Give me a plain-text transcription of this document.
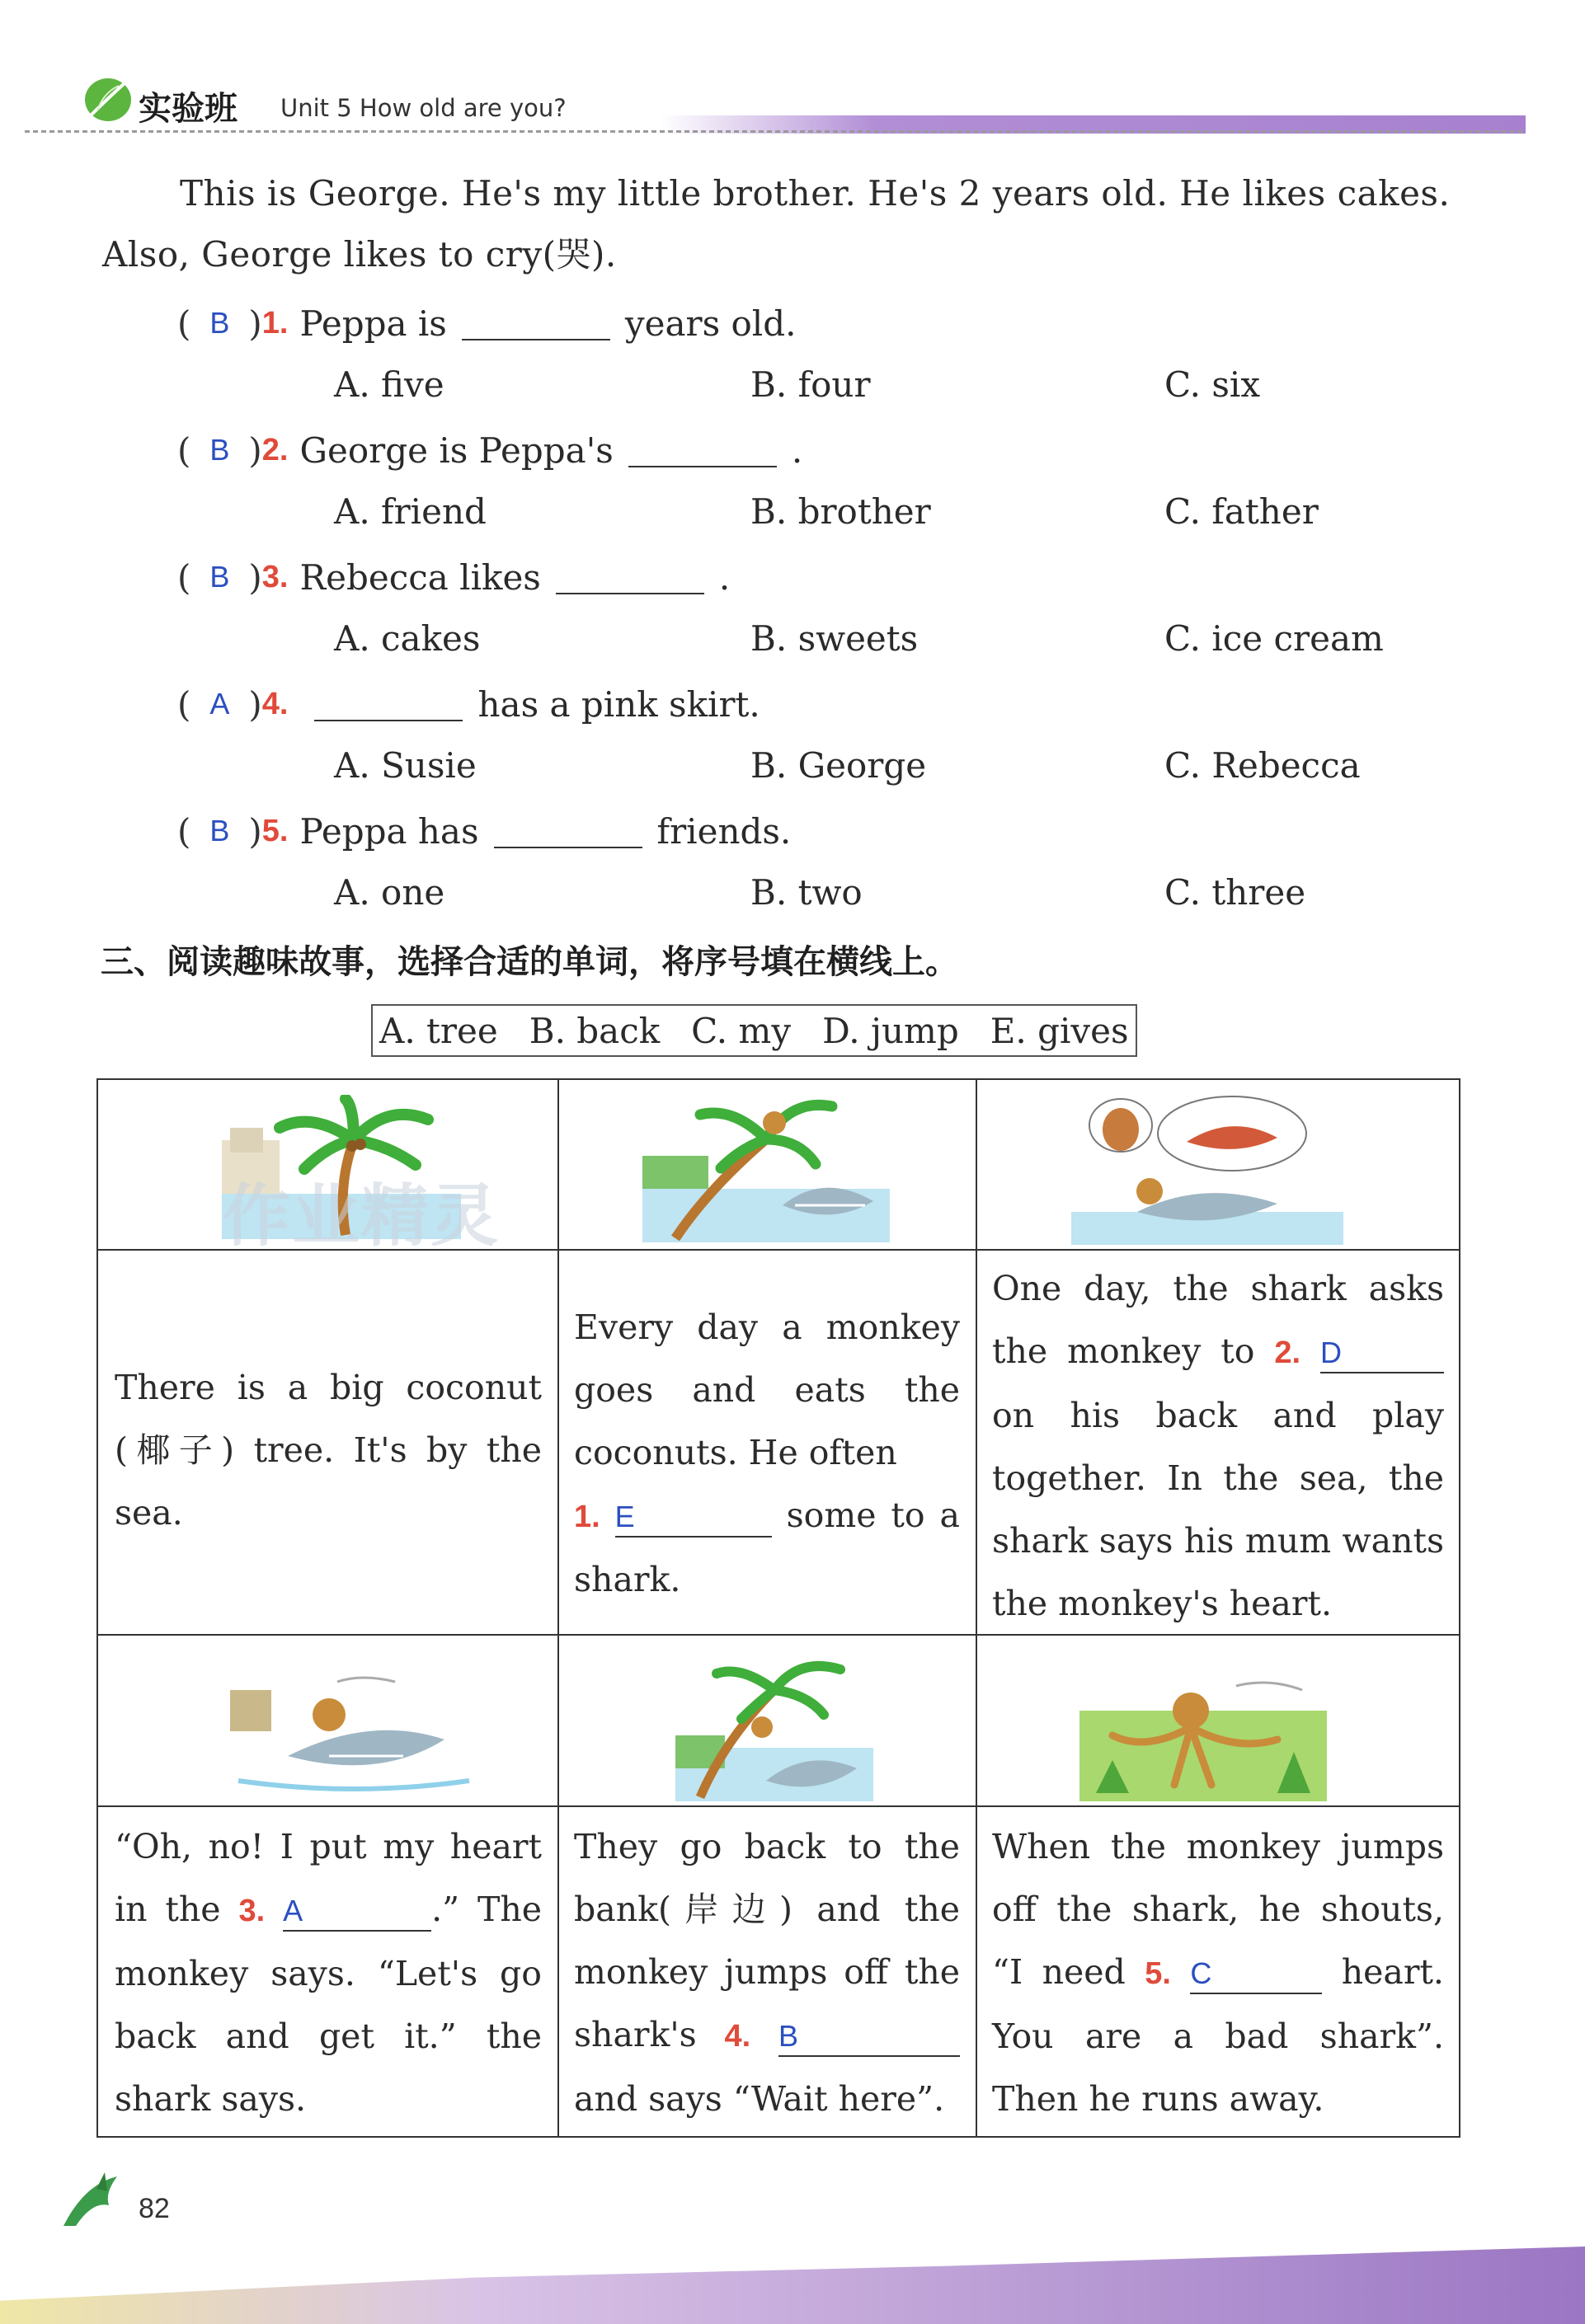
实验班 Unit 5 How old are you?
This is George. He's my little brother. He's 2 years old. He likes cakes.
Also, George likes to cry(哭).
( B ) 1. Peppa is	years old.
A. five	B. four	C. six
( B ) 2. George is Peppa's	.
A. friend	B. brother	C. father
( B ) 3. Rebecca likes	.
A. cakes	B. sweets	C. ice cream
( A ) 4.	has a pink skirt.
A. Susie	B. George	C. Rebecca
( B ) 5. Peppa has	friends.
A. one	B. two	C. three
三、阅读趣味故事，选择合适的单词，将序号填在横线上。
A. tree B. back C. my D. jump E. gives
There is a big coconut (椰子) tree. It's by the sea.
Every day a monkey goes and eats the coconuts. He often
1. E	some to a shark.
One day, the shark asks the monkey to 2. D on his back and play together. In the sea, the shark says his mum wants the monkey's heart.
“Oh, no! I put my heart in the 3. A	.” The monkey says. “Let's go back and get it.” the shark says.
They go back to the bank(岸边) and the monkey jumps off the shark's 4. B and says “Wait here”.
When the monkey jumps off the shark, he shouts, “I need 5. C	heart. You are a bad shark”. Then he runs away.
作业精灵
82
